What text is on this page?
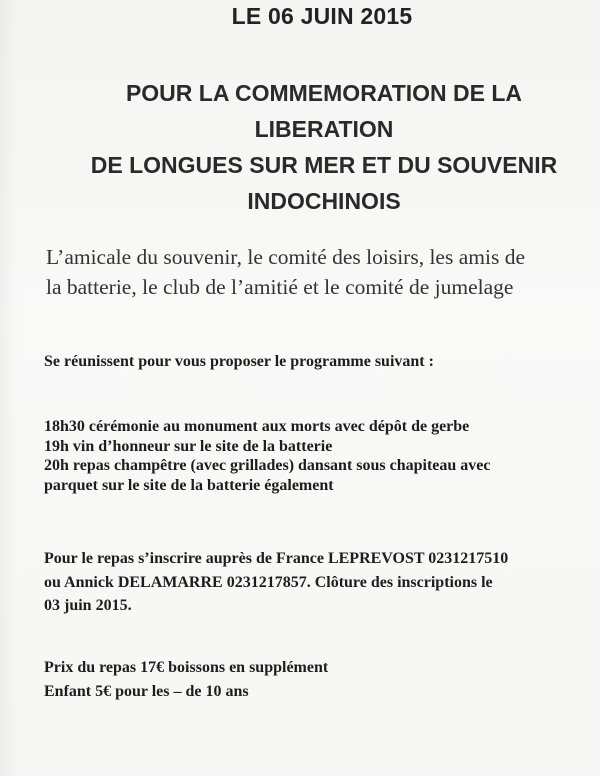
LE 06 JUIN 2015
POUR LA COMMEMORATION DE LA
LIBERATION
DE LONGUES SUR MER ET DU SOUVENIR
INDOCHINOIS
L’amicale du souvenir, le comité des loisirs, les amis de
la batterie, le club de l’amitié et le comité de jumelage
Se réunissent pour vous proposer le programme suivant :
18h30 cérémonie au monument aux morts avec dépôt de gerbe
19h vin d’honneur sur le site de la batterie
20h repas champêtre (avec grillades) dansant sous chapiteau avec
parquet sur le site de la batterie également
Pour le repas s’inscrire auprès de France LEPREVOST 0231217510
ou Annick DELAMARRE 0231217857. Clôture des inscriptions le
03 juin 2015.
Prix du repas 17€ boissons en supplément
Enfant 5€ pour les – de 10 ans
